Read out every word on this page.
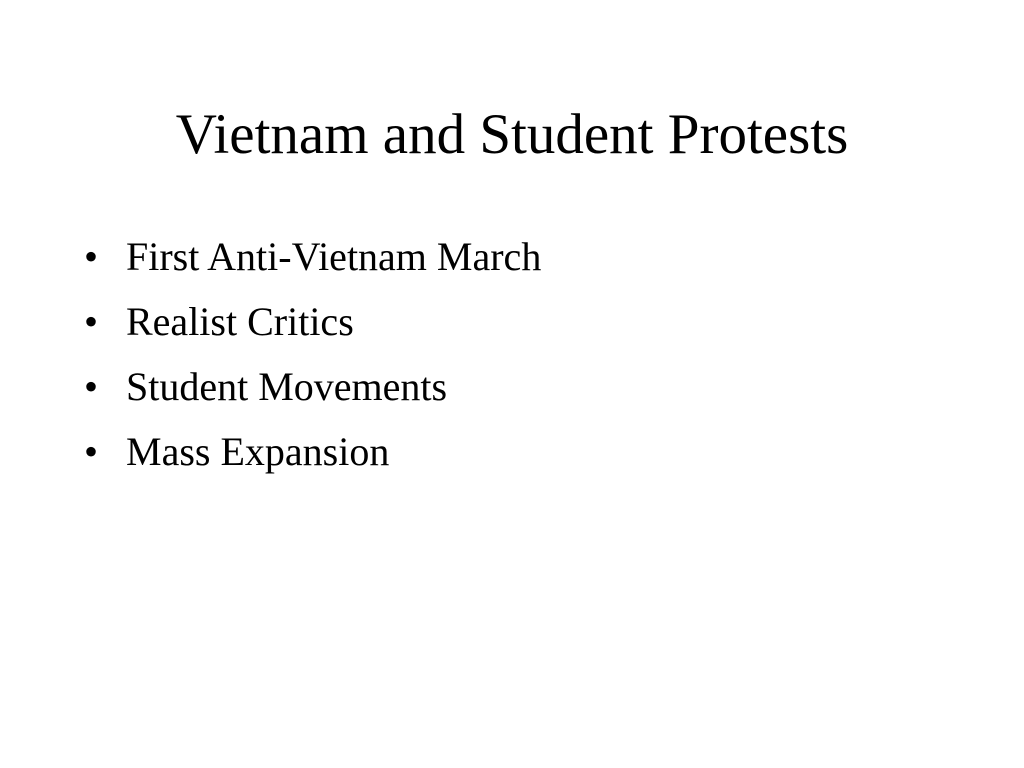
Vietnam and Student Protests
• First Anti-Vietnam March
• Realist Critics
• Student Movements
• Mass Expansion
